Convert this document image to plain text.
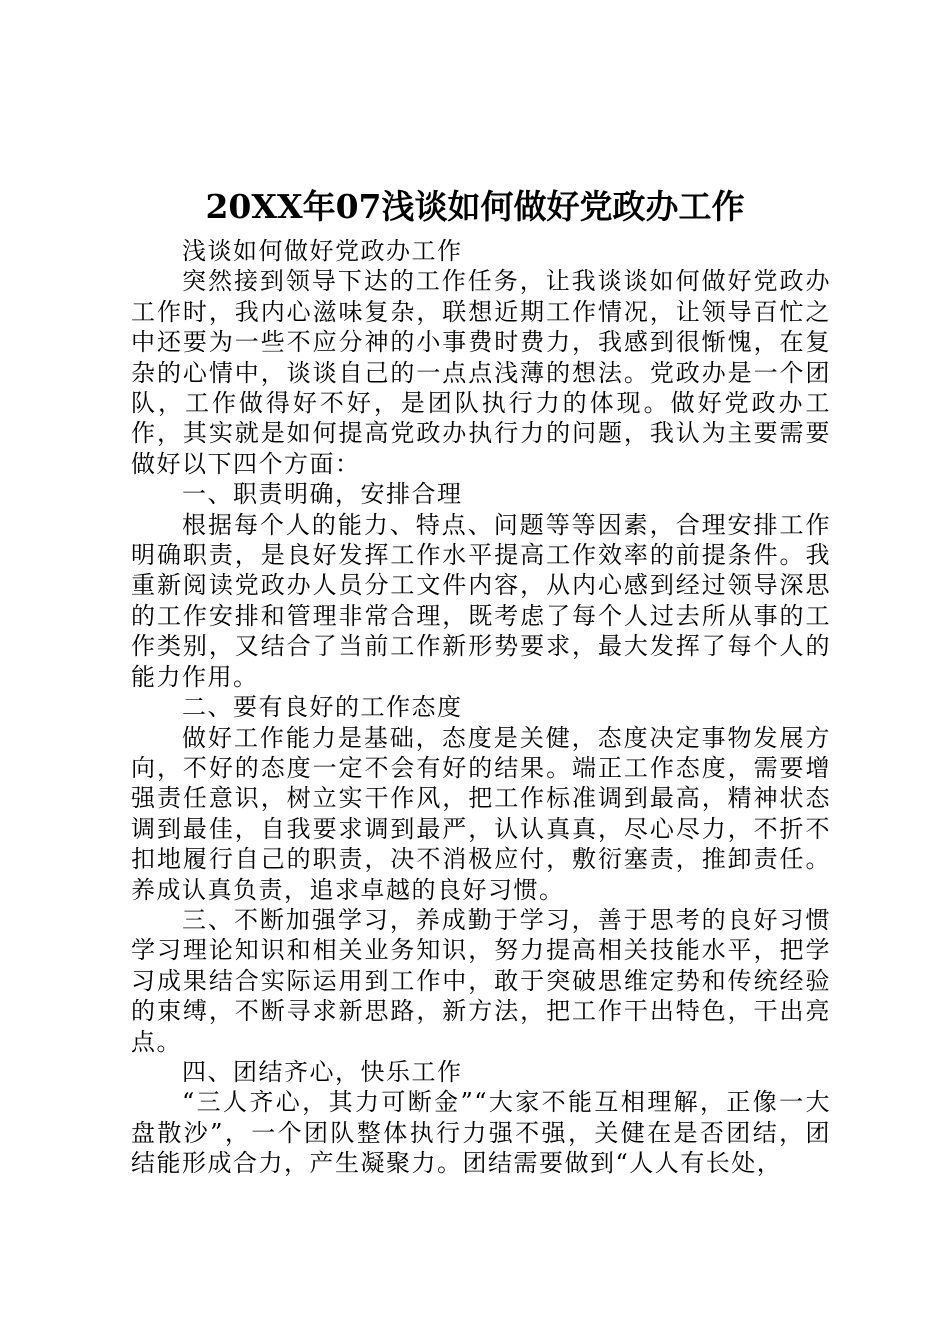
20XX年07浅谈如何做好党政办工作

浅谈如何做好党政办工作

突然接到领导下达的工作任务，让我谈谈如何做好党政办工作时，我内心滋味复杂，联想近期工作情况，让领导百忙之中还要为一些不应分神的小事费时费力，我感到很惭愧，在复杂的心情中，谈谈自己的一点点浅薄的想法。党政办是一个团队，工作做得好不好，是团队执行力的体现。做好党政办工作，其实就是如何提高党政办执行力的问题，我认为主要需要做好以下四个方面：

一、职责明确，安排合理

根据每个人的能力、特点、问题等等因素，合理安排工作明确职责，是良好发挥工作水平提高工作效率的前提条件。我重新阅读党政办人员分工文件内容，从内心感到经过领导深思的工作安排和管理非常合理，既考虑了每个人过去所从事的工作类别，又结合了当前工作新形势要求，最大发挥了每个人的能力作用。

二、要有良好的工作态度

做好工作能力是基础，态度是关健，态度决定事物发展方向，不好的态度一定不会有好的结果。端正工作态度，需要增强责任意识，树立实干作风，把工作标准调到最高，精神状态调到最佳，自我要求调到最严，认认真真，尽心尽力，不折不扣地履行自己的职责，决不消极应付，敷衍塞责，推卸责任。养成认真负责，追求卓越的良好习惯。

三、不断加强学习，养成勤于学习，善于思考的良好习惯学习理论知识和相关业务知识，努力提高相关技能水平，把学习成果结合实际运用到工作中，敢于突破思维定势和传统经验的束缚，不断寻求新思路，新方法，把工作干出特色，干出亮点。

四、团结齐心，快乐工作

“三人齐心，其力可断金”“大家不能互相理解，正像一大盘散沙”，一个团队整体执行力强不强，关健在是否团结，团结能形成合力，产生凝聚力。团结需要做到“人人有长处，
